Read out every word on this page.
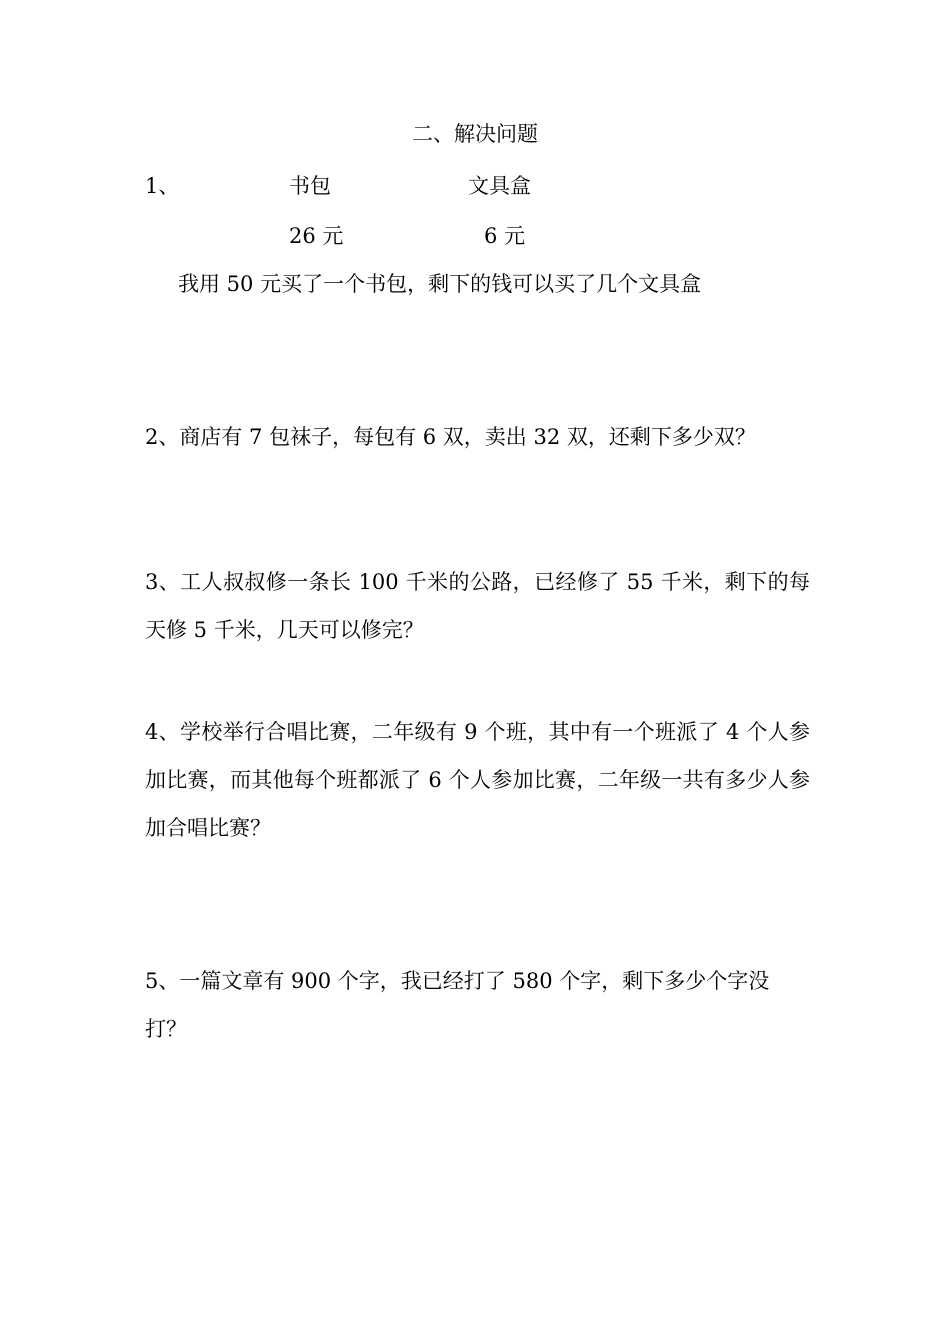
二、解决问题
1、	书包	文具盒
26 元	6 元
我用 50 元买了一个书包，剩下的钱可以买了几个文具盒
2、商店有 7 包袜子，每包有 6 双，卖出 32 双，还剩下多少双？
3、工人叔叔修一条长 100 千米的公路，已经修了 55 千米，剩下的每天修 5 千米，几天可以修完？
4、学校举行合唱比赛，二年级有 9 个班，其中有一个班派了 4 个人参加比赛，而其他每个班都派了 6 个人参加比赛，二年级一共有多少人参加合唱比赛？
5、一篇文章有 900 个字，我已经打了 580 个字，剩下多少个字没打？
